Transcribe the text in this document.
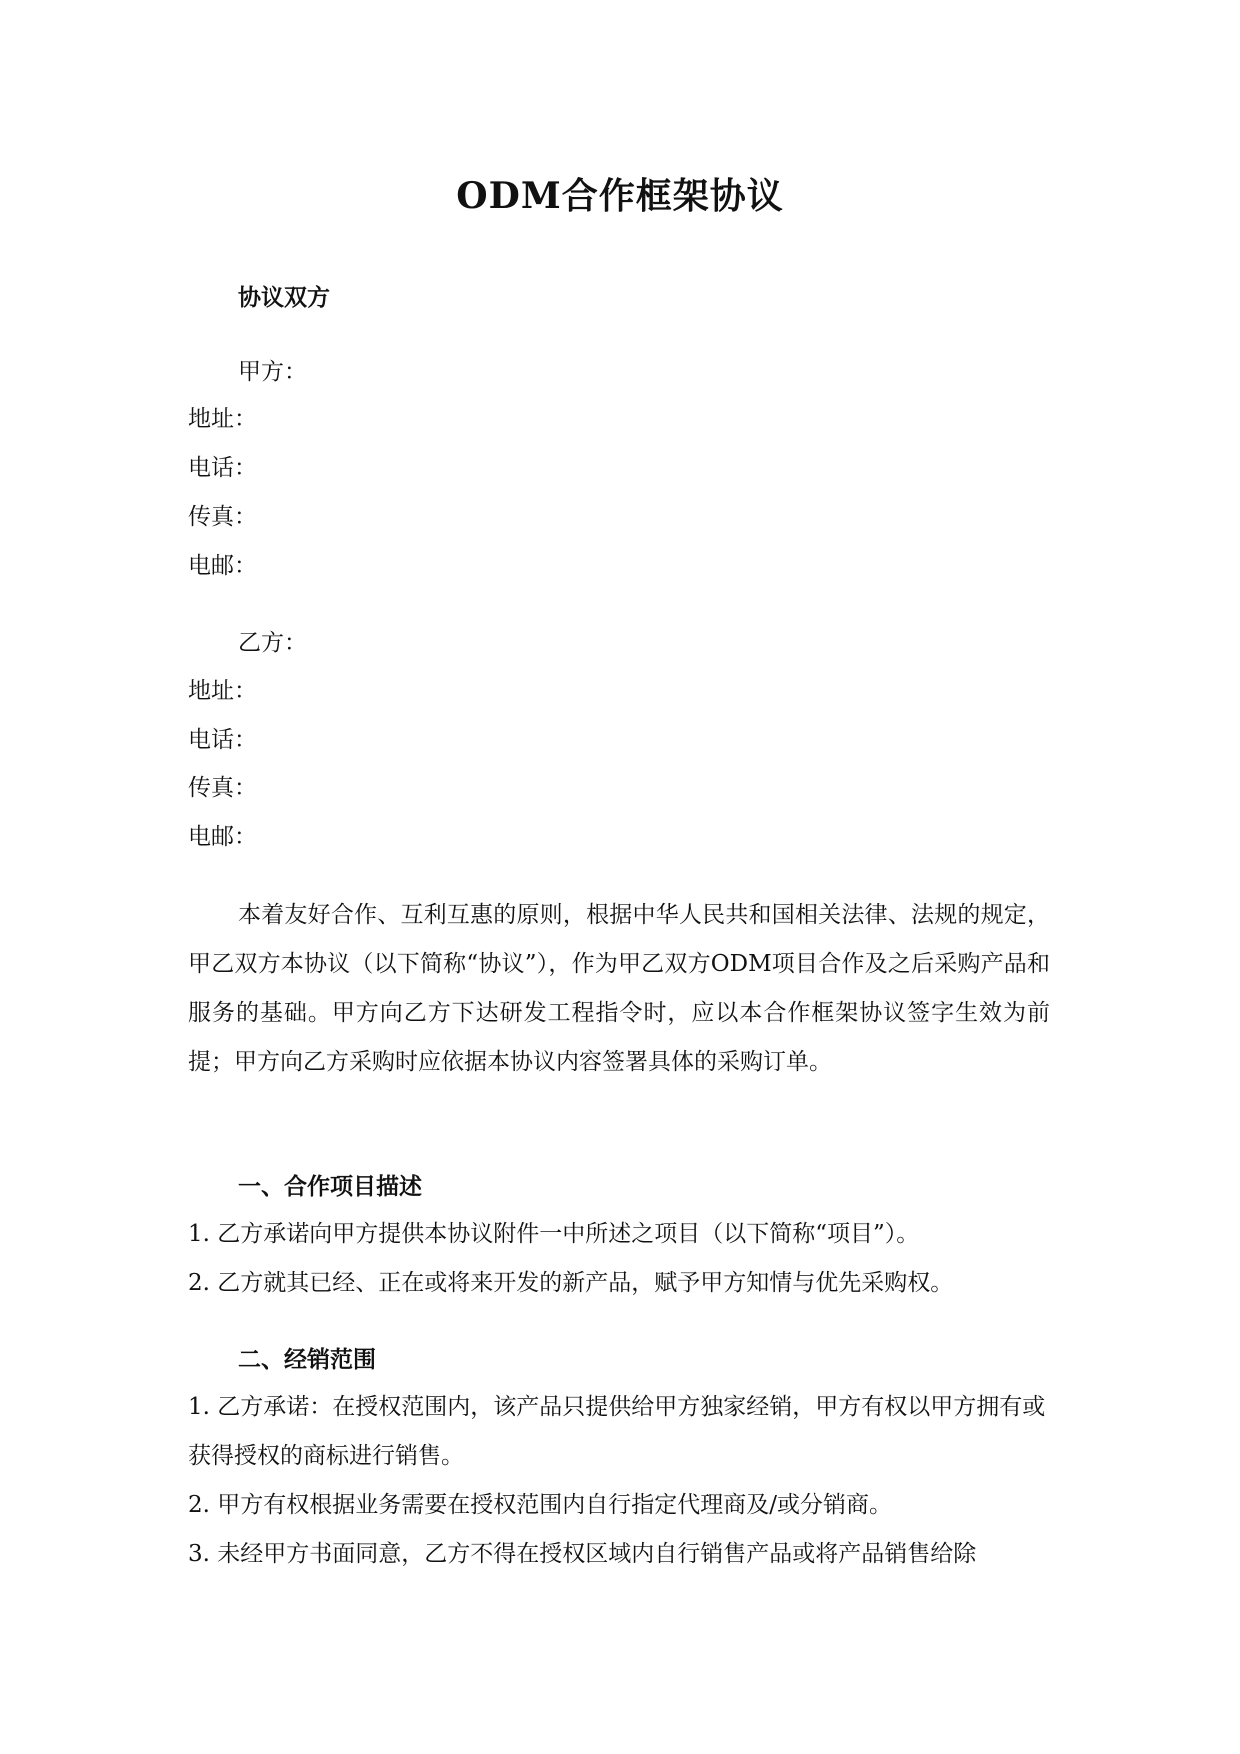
ODM合作框架协议
协议双方
甲方：
地址：
电话：
传真：
电邮：
乙方：
地址：
电话：
传真：
电邮：
本着友好合作、互利互惠的原则，根据中华人民共和国相关法律、法规的规定，甲乙双方本协议（以下简称“协议”），作为甲乙双方ODM项目合作及之后采购产品和服务的基础。甲方向乙方下达研发工程指令时，应以本合作框架协议签字生效为前提；甲方向乙方采购时应依据本协议内容签署具体的采购订单。
一、合作项目描述
1. 乙方承诺向甲方提供本协议附件一中所述之项目（以下简称“项目”）。
2. 乙方就其已经、正在或将来开发的新产品，赋予甲方知情与优先采购权。
二、经销范围
1. 乙方承诺：在授权范围内，该产品只提供给甲方独家经销，甲方有权以甲方拥有或获得授权的商标进行销售。
2. 甲方有权根据业务需要在授权范围内自行指定代理商及/或分销商。
3. 未经甲方书面同意，乙方不得在授权区域内自行销售产品或将产品销售给除
